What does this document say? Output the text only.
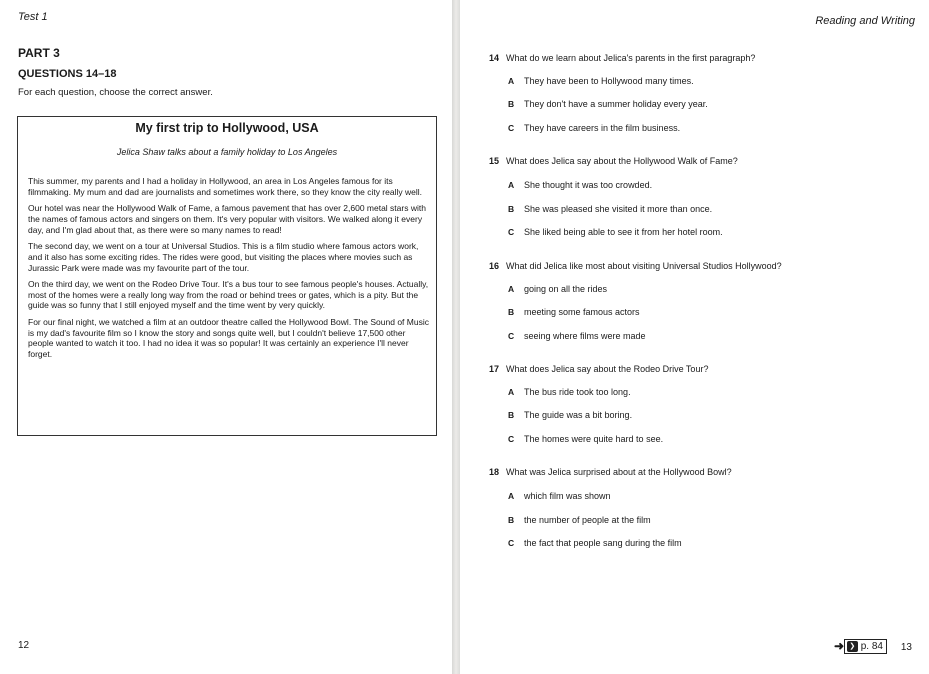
Test 1
PART 3
QUESTIONS 14–18
For each question, choose the correct answer.
My first trip to Hollywood, USA
Jelica Shaw talks about a family holiday to Los Angeles

This summer, my parents and I had a holiday in Hollywood, an area in Los Angeles famous for its filmmaking. My mum and dad are journalists and sometimes work there, so they know the city really well.

Our hotel was near the Hollywood Walk of Fame, a famous pavement that has over 2,600 metal stars with the names of famous actors and singers on them. It's very popular with visitors. We walked along it every day, and I'm glad about that, as there were so many names to read!

The second day, we went on a tour at Universal Studios. This is a film studio where famous actors work, and it also has some exciting rides. The rides were good, but visiting the places where movies such as Jurassic Park were made was my favourite part of the tour.

On the third day, we went on the Rodeo Drive Tour. It's a bus tour to see famous people's houses. Actually, most of the homes were a really long way from the road or behind trees or gates, which is a pity. But the guide was so funny that I still enjoyed myself and the time went by very quickly.

For our final night, we watched a film at an outdoor theatre called the Hollywood Bowl. The Sound of Music is my dad's favourite film so I know the story and songs quite well, but I couldn't believe 17,500 other people wanted to watch it too. I had no idea it was so popular! It was certainly an experience I'll never forget.

12
Reading and Writing
14 What do we learn about Jelica's parents in the first paragraph?
A They have been to Hollywood many times.
B They don't have a summer holiday every year.
C They have careers in the film business.
15 What does Jelica say about the Hollywood Walk of Fame?
A She thought it was too crowded.
B She was pleased she visited it more than once.
C She liked being able to see it from her hotel room.
16 What did Jelica like most about visiting Universal Studios Hollywood?
A going on all the rides
B meeting some famous actors
C seeing where films were made
17 What does Jelica say about the Rodeo Drive Tour?
A The bus ride took too long.
B The guide was a bit boring.
C The homes were quite hard to see.
18 What was Jelica surprised about at the Hollywood Bowl?
A which film was shown
B the number of people at the film
C the fact that people sang during the film
➜ ❯ p. 84 13
